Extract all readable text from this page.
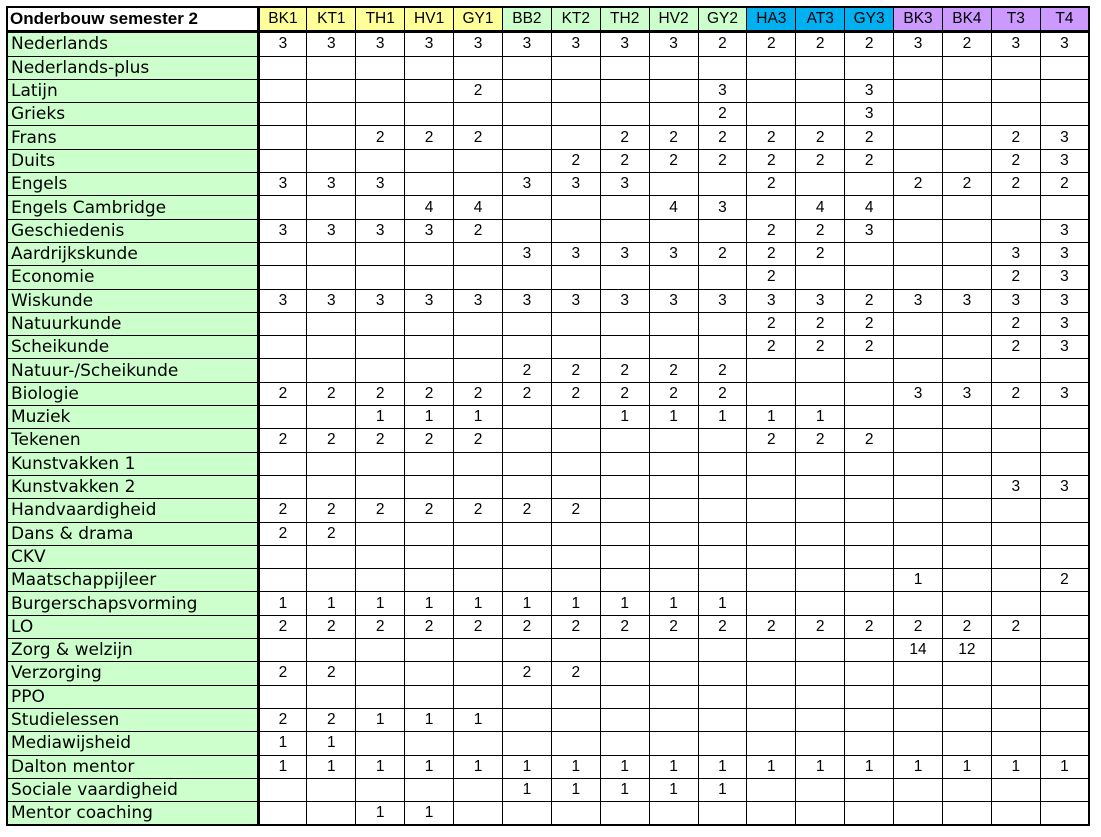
Onderbouw semester 2	BK1	KT1	TH1	HV1	GY1	BB2	KT2	TH2	HV2	GY2	HA3	AT3	GY3	BK3	BK4	T3	T4
Nederlands	3	3	3	3	3	3	3	3	3	2	2	2	2	3	2	3	3
Nederlands-plus																	
Latijn					2					3			3				
Grieks										2			3				
Frans			2	2	2			2	2	2	2	2	2			2	3
Duits							2	2	2	2	2	2	2			2	3
Engels	3	3	3			3	3	3			2			2	2	2	2
Engels Cambridge				4	4				4	3		4	4				
Geschiedenis	3	3	3	3	2						2	2	3				3
Aardrijkskunde						3	3	3	3	2	2	2				3	3
Economie											2					2	3
Wiskunde	3	3	3	3	3	3	3	3	3	3	3	3	2	3	3	3	3
Natuurkunde											2	2	2			2	3
Scheikunde											2	2	2			2	3
Natuur-/Scheikunde						2	2	2	2	2							
Biologie	2	2	2	2	2	2	2	2	2	2				3	3	2	3
Muziek			1	1	1			1	1	1	1	1					
Tekenen	2	2	2	2	2						2	2	2				
Kunstvakken 1																	
Kunstvakken 2																3	3
Handvaardigheid	2	2	2	2	2	2	2										
Dans & drama	2	2															
CKV																	
Maatschappijleer														1			2
Burgerschapsvorming	1	1	1	1	1	1	1	1	1	1							
LO	2	2	2	2	2	2	2	2	2	2	2	2	2	2	2	2	
Zorg & welzijn														14	12		
Verzorging	2	2				2	2										
PPO																	
Studielessen	2	2	1	1	1												
Mediawijsheid	1	1															
Dalton mentor	1	1	1	1	1	1	1	1	1	1	1	1	1	1	1	1	1
Sociale vaardigheid						1	1	1	1	1							
Mentor coaching			1	1													
